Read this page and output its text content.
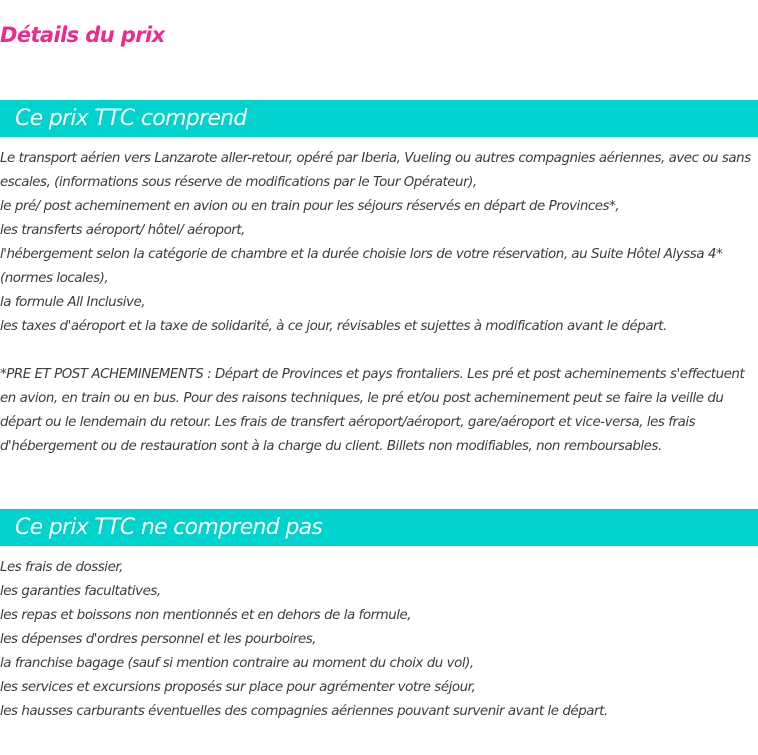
Détails du prix
Ce prix TTC comprend

Le transport aérien vers Lanzarote aller-retour, opéré par Iberia, Vueling ou autres compagnies aériennes, avec ou sans escales, (informations sous réserve de modifications par le Tour Opérateur),

le pré/ post acheminement en avion ou en train pour les séjours réservés en départ de Provinces*,

les transferts aéroport/ hôtel/ aéroport,

l'hébergement selon la catégorie de chambre et la durée choisie lors de votre réservation, au Suite Hôtel Alyssa 4* (normes locales),

la formule All Inclusive,

les taxes d'aéroport et la taxe de solidarité, à ce jour, révisables et sujettes à modification avant le départ.

*PRE ET POST ACHEMINEMENTS : Départ de Provinces et pays frontaliers. Les pré et post acheminements s'effectuent en avion, en train ou en bus. Pour des raisons techniques, le pré et/ou post acheminement peut se faire la veille du départ ou le lendemain du retour. Les frais de transfert aéroport/aéroport, gare/aéroport et vice-versa, les frais d'hébergement ou de restauration sont à la charge du client. Billets non modifiables, non remboursables.

Ce prix TTC ne comprend pas

Les frais de dossier,

les garanties facultatives,

les repas et boissons non mentionnés et en dehors de la formule,

les dépenses d'ordres personnel et les pourboires,

la franchise bagage (sauf si mention contraire au moment du choix du vol),

les services et excursions proposés sur place pour agrémenter votre séjour,

les hausses carburants éventuelles des compagnies aériennes pouvant survenir avant le départ.
